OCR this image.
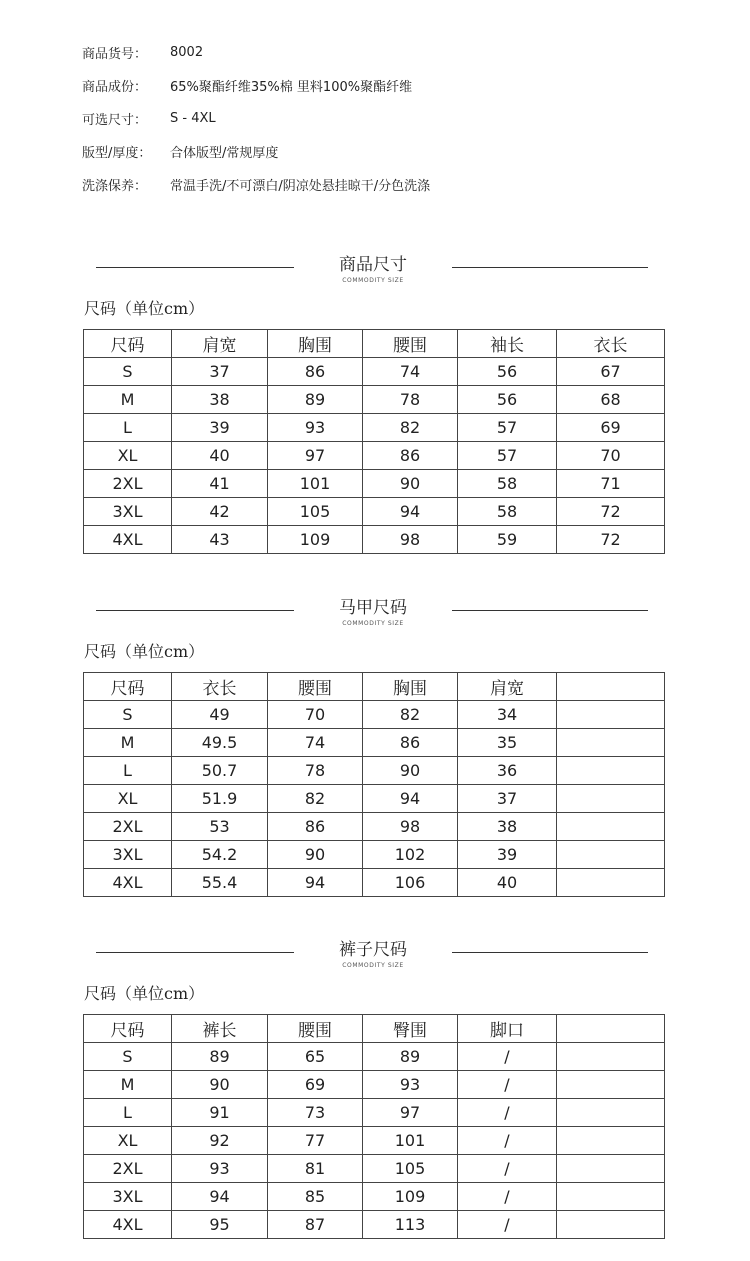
商品货号：	8002
商品成份：	65%聚酯纤维35%棉 里料100%聚酯纤维
可选尺寸：	S - 4XL
版型/厚度：	合体版型/常规厚度
洗涤保养：	常温手洗/不可漂白/阴凉处悬挂晾干/分色洗涤
商品尺寸
COMMODITY SIZE
尺码（单位cm）
尺码	肩宽	胸围	腰围	袖长	衣长
S	37	86	74	56	67
M	38	89	78	56	68
L	39	93	82	57	69
XL	40	97	86	57	70
2XL	41	101	90	58	71
3XL	42	105	94	58	72
4XL	43	109	98	59	72
马甲尺码
COMMODITY SIZE
尺码（单位cm）
尺码	衣长	腰围	胸围	肩宽	
S	49	70	82	34	
M	49.5	74	86	35	
L	50.7	78	90	36	
XL	51.9	82	94	37	
2XL	53	86	98	38	
3XL	54.2	90	102	39	
4XL	55.4	94	106	40	
裤子尺码
COMMODITY SIZE
尺码（单位cm）
尺码	裤长	腰围	臀围	脚口	
S	89	65	89	/	
M	90	69	93	/	
L	91	73	97	/	
XL	92	77	101	/	
2XL	93	81	105	/	
3XL	94	85	109	/	
4XL	95	87	113	/	
